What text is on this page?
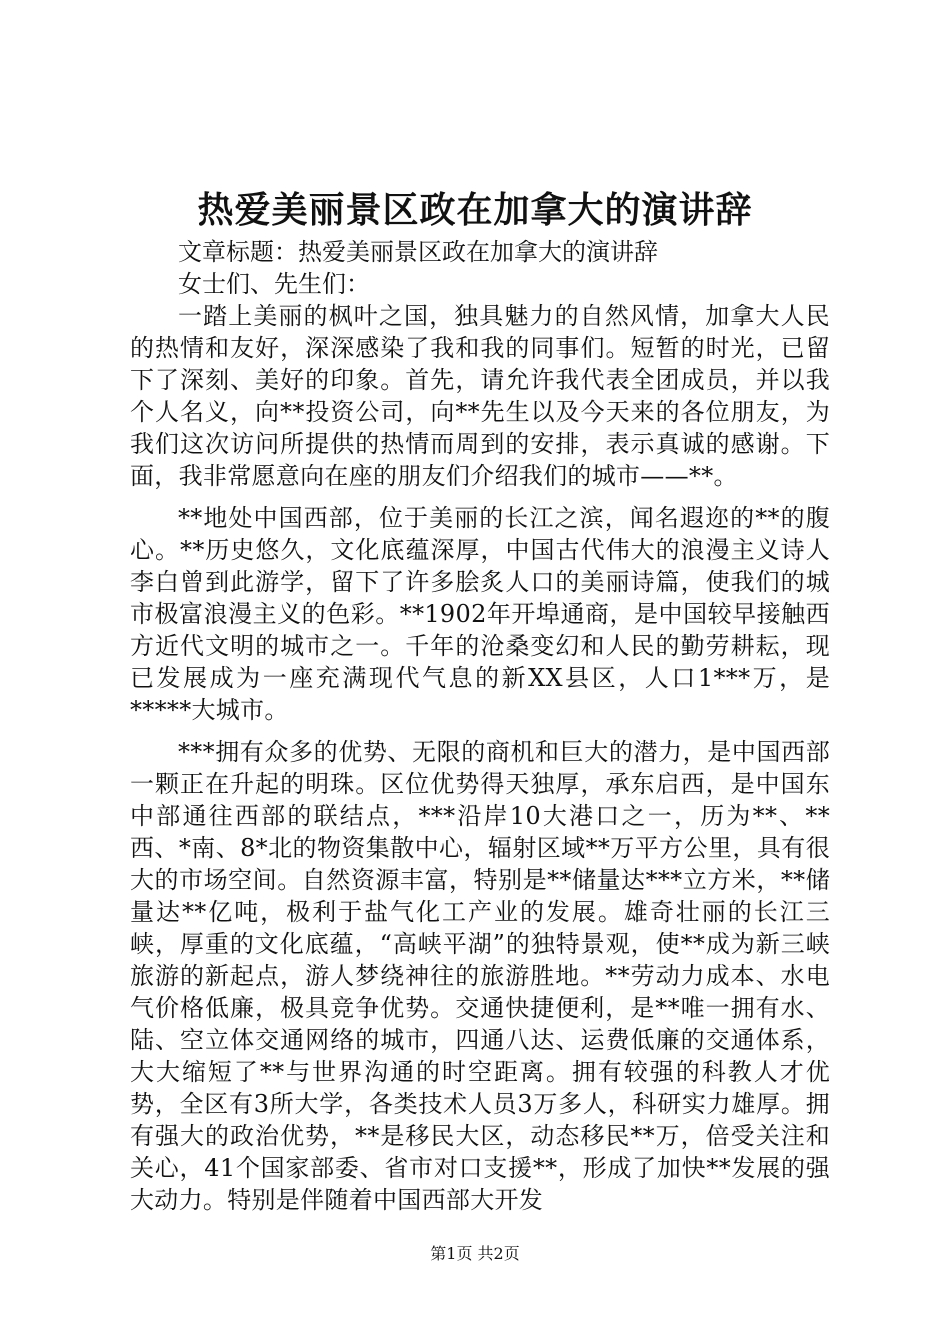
热爱美丽景区政在加拿大的演讲辞

文章标题：热爱美丽景区政在加拿大的演讲辞

女士们、先生们：

一踏上美丽的枫叶之国，独具魅力的自然风情，加拿大人民的热情和友好，深深感染了我和我的同事们。短暂的时光，已留下了深刻、美好的印象。首先，请允许我代表全团成员，并以我个人名义，向**投资公司，向**先生以及今天来的各位朋友，为我们这次访问所提供的热情而周到的安排，表示真诚的感谢。下面，我非常愿意向在座的朋友们介绍我们的城市——**。

**地处中国西部，位于美丽的长江之滨，闻名遐迩的**的腹心。**历史悠久，文化底蕴深厚，中国古代伟大的浪漫主义诗人李白曾到此游学，留下了许多脍炙人口的美丽诗篇，使我们的城市极富浪漫主义的色彩。**1902年开埠通商，是中国较早接触西方近代文明的城市之一。千年的沧桑变幻和人民的勤劳耕耘，现已发展成为一座充满现代气息的新XX县区，人口1***万，是*****大城市。

***拥有众多的优势、无限的商机和巨大的潜力，是中国西部一颗正在升起的明珠。区位优势得天独厚，承东启西，是中国东中部通往西部的联结点，***沿岸10大港口之一，历为**、**西、*南、8*北的物资集散中心，辐射区域**万平方公里，具有很大的市场空间。自然资源丰富，特别是**储量达***立方米，**储量达**亿吨，极利于盐气化工产业的发展。雄奇壮丽的长江三峡，厚重的文化底蕴，“高峡平湖”的独特景观，使**成为新三峡旅游的新起点，游人梦绕神往的旅游胜地。**劳动力成本、水电气价格低廉，极具竞争优势。交通快捷便利，是**唯一拥有水、陆、空立体交通网络的城市，四通八达、运费低廉的交通体系，大大缩短了**与世界沟通的时空距离。拥有较强的科教人才优势，全区有3所大学，各类技术人员3万多人，科研实力雄厚。拥有强大的政治优势，**是移民大区，动态移民**万，倍受关注和关心，41个国家部委、省市对口支援**，形成了加快**发展的强大动力。特别是伴随着中国西部大开发

第1页 共2页
